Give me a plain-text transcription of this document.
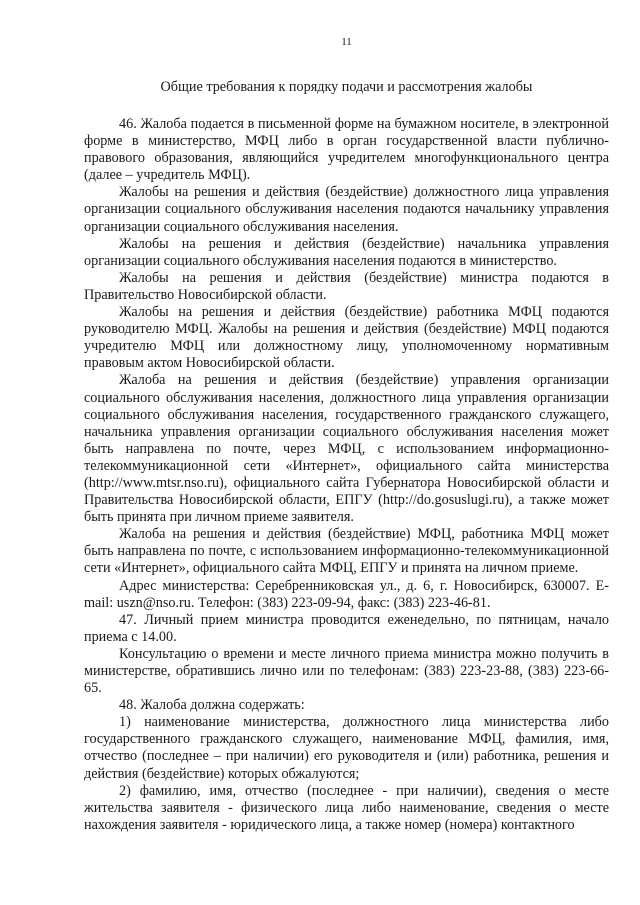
11
Общие требования к порядку подачи и рассмотрения жалобы

46. Жалоба подается в письменной форме на бумажном носителе, в электронной форме в министерство, МФЦ либо в орган государственной власти публично-правового образования, являющийся учредителем многофункционального центра (далее – учредитель МФЦ).

Жалобы на решения и действия (бездействие) должностного лица управления организации социального обслуживания населения подаются начальнику управления организации социального обслуживания населения.

Жалобы на решения и действия (бездействие) начальника управления организации социального обслуживания населения подаются в министерство.

Жалобы на решения и действия (бездействие) министра подаются в Правительство Новосибирской области.

Жалобы на решения и действия (бездействие) работника МФЦ подаются руководителю МФЦ. Жалобы на решения и действия (бездействие) МФЦ подаются учредителю МФЦ или должностному лицу, уполномоченному нормативным правовым актом Новосибирской области.

Жалоба на решения и действия (бездействие) управления организации социального обслуживания населения, должностного лица управления организации социального обслуживания населения, государственного гражданского служащего, начальника управления организации социального обслуживания населения может быть направлена по почте, через МФЦ, с использованием информационно-телекоммуникационной сети «Интернет», официального сайта министерства (http://www.mtsr.nso.ru), официального сайта Губернатора Новосибирской области и Правительства Новосибирской области, ЕПГУ (http://do.gosuslugi.ru), а также может быть принята при личном приеме заявителя.

Жалоба на решения и действия (бездействие) МФЦ, работника МФЦ может быть направлена по почте, с использованием информационно-телекоммуникационной сети «Интернет», официального сайта МФЦ, ЕПГУ и принята на личном приеме.

Адрес министерства: Серебренниковская ул., д. 6, г. Новосибирск, 630007. E-mail: uszn@nso.ru. Телефон: (383) 223-09-94, факс: (383) 223-46-81.

47. Личный прием министра проводится еженедельно, по пятницам, начало приема с 14.00.

Консультацию о времени и месте личного приема министра можно получить в министерстве, обратившись лично или по телефонам: (383) 223-23-88, (383) 223-66-65.

48. Жалоба должна содержать:

1) наименование министерства, должностного лица министерства либо государственного гражданского служащего, наименование МФЦ, фамилия, имя, отчество (последнее – при наличии) его руководителя и (или) работника, решения и действия (бездействие) которых обжалуются;

2) фамилию, имя, отчество (последнее - при наличии), сведения о месте жительства заявителя - физического лица либо наименование, сведения о месте нахождения заявителя - юридического лица, а также номер (номера) контактного
